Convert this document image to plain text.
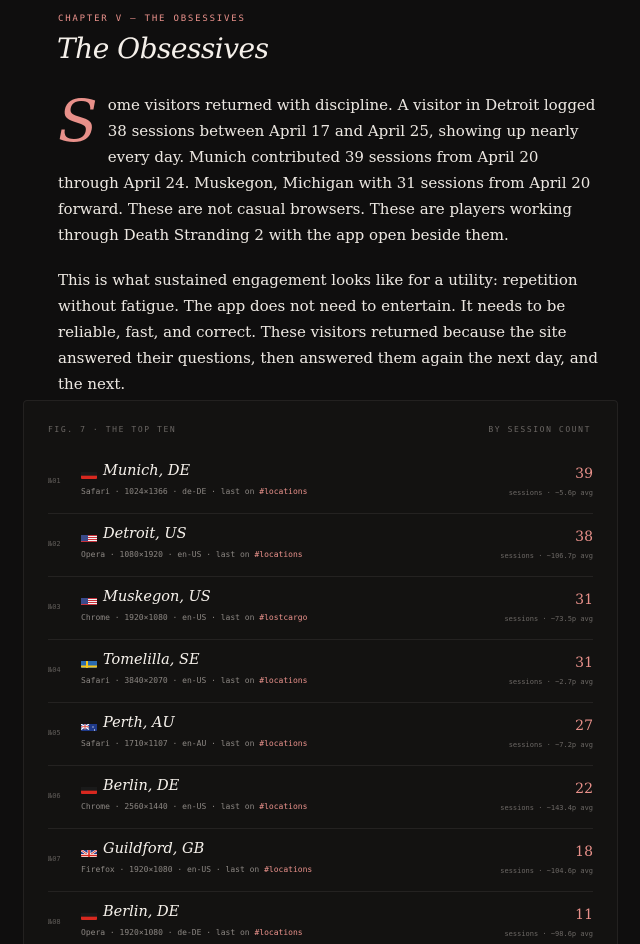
CHAPTER V — THE OBSESSIVES
The Obsessives

Some visitors returned with discipline. A visitor in Detroit logged 38 sessions between April 17 and April 25, showing up nearly every day. Munich contributed 39 sessions from April 20 through April 24. Muskegon, Michigan with 31 sessions from April 20 forward. These are not casual browsers. These are players working through Death Stranding 2 with the app open beside them.

This is what sustained engagement looks like for a utility: repetition without fatigue. The app does not need to entertain. It needs to be reliable, fast, and correct. These visitors returned because the site answered their questions, then answered them again the next day, and the next.

FIG. 7 · THE TOP TEN	BY SESSION COUNT
№01
Munich, DE
Safari · 1024×1366 · de-DE · last on #locations
39
sessions · ~5.6p avg
№02
Detroit, US
Opera · 1080×1920 · en-US · last on #locations
38
sessions · ~106.7p avg
№03
Muskegon, US
Chrome · 1920×1080 · en-US · last on #lostcargo
31
sessions · ~73.5p avg
№04
Tomelilla, SE
Safari · 3840×2070 · en-US · last on #locations
31
sessions · ~2.7p avg
№05
Perth, AU
Safari · 1710×1107 · en-AU · last on #locations
27
sessions · ~7.2p avg
№06
Berlin, DE
Chrome · 2560×1440 · en-US · last on #locations
22
sessions · ~143.4p avg
№07
Guildford, GB
Firefox · 1920×1080 · en-US · last on #locations
18
sessions · ~104.6p avg
№08
Berlin, DE
Opera · 1920×1080 · de-DE · last on #locations
11
sessions · ~98.6p avg
